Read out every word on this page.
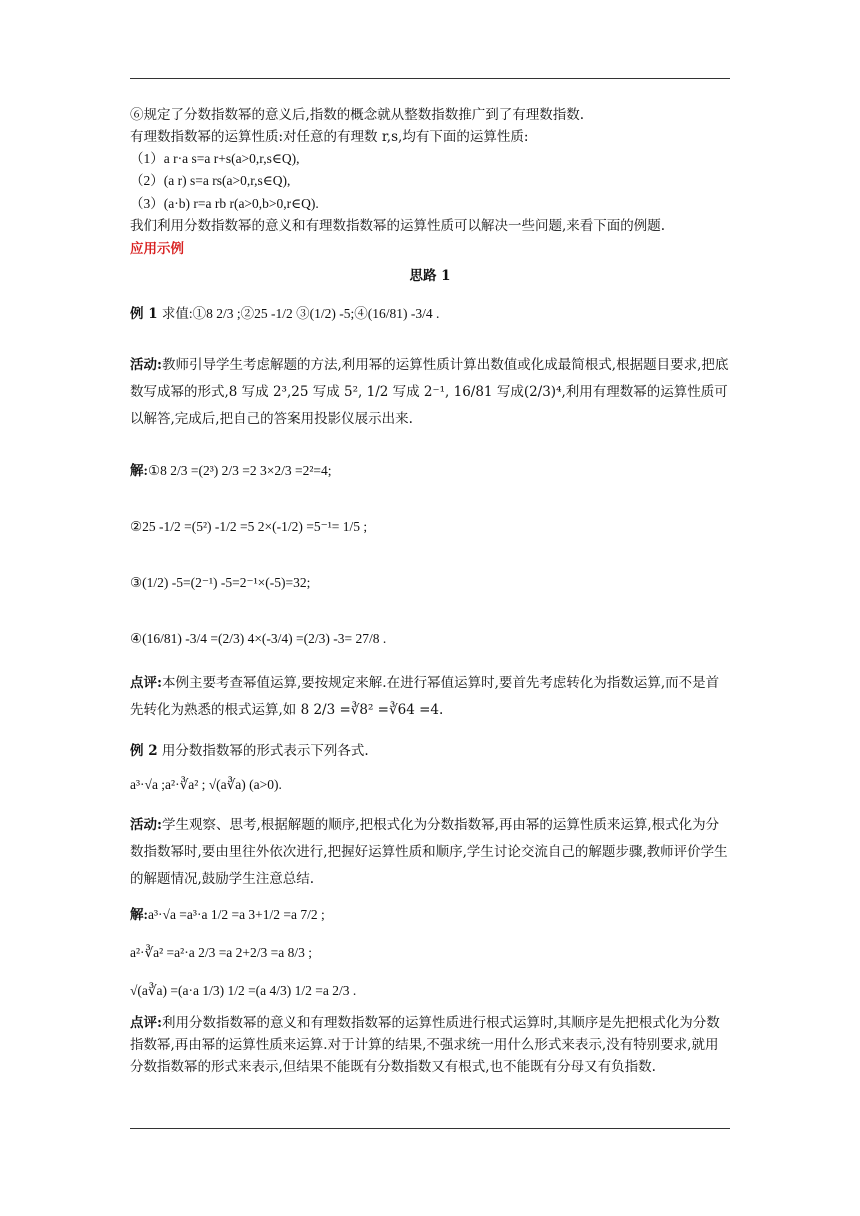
⑥规定了分数指数幂的意义后,指数的概念就从整数指数推广到了有理数指数.
有理数指数幂的运算性质:对任意的有理数 r,s,均有下面的运算性质:
（1）a r·a s=a r+s(a>0,r,s∈Q),
（2）(a r) s=a rs(a>0,r,s∈Q),
（3）(a·b) r=a rb r(a>0,b>0,r∈Q).
我们利用分数指数幂的意义和有理数指数幂的运算性质可以解决一些问题,来看下面的例题.
应用示例
思路 1
例 1 求值:①8 2/3 ;②25 -1/2 ③(1/2) -5;④(16/81) -3/4 .
活动:教师引导学生考虑解题的方法,利用幂的运算性质计算出数值或化成最简根式,根据题目要求,把底数写成幂的形式,8 写成 2³,25 写成 5², 1/2 写成 2⁻¹, 16/81 写成(2/3)⁴,利用有理数幂的运算性质可以解答,完成后,把自己的答案用投影仪展示出来.
解:①8 2/3 =(2³) 2/3 =2 3×2/3 =2²=4;
②25 -1/2 =(5²) -1/2 =5 2×(-1/2) =5⁻¹= 1/5 ;
③(1/2) -5=(2⁻¹) -5=2⁻¹×(-5)=32;
④(16/81) -3/4 =(2/3) 4×(-3/4) =(2/3) -3= 27/8 .
点评:本例主要考查幂值运算,要按规定来解.在进行幂值运算时,要首先考虑转化为指数运算,而不是首先转化为熟悉的根式运算,如 8 2/3 =∛8² =∛64 =4.
例 2 用分数指数幂的形式表示下列各式.
a³·√a ;a²·∛a² ; √(a∛a) (a>0).
活动:学生观察、思考,根据解题的顺序,把根式化为分数指数幂,再由幂的运算性质来运算,根式化为分数指数幂时,要由里往外依次进行,把握好运算性质和顺序,学生讨论交流自己的解题步骤,教师评价学生的解题情况,鼓励学生注意总结.
解:a³·√a =a³·a 1/2 =a 3+1/2 =a 7/2 ;
a²·∛a² =a²·a 2/3 =a 2+2/3 =a 8/3 ;
√(a∛a) =(a·a 1/3) 1/2 =(a 4/3) 1/2 =a 2/3 .
点评:利用分数指数幂的意义和有理数指数幂的运算性质进行根式运算时,其顺序是先把根式化为分数指数幂,再由幂的运算性质来运算.对于计算的结果,不强求统一用什么形式来表示,没有特别要求,就用分数指数幂的形式来表示,但结果不能既有分数指数又有根式,也不能既有分母又有负指数.
